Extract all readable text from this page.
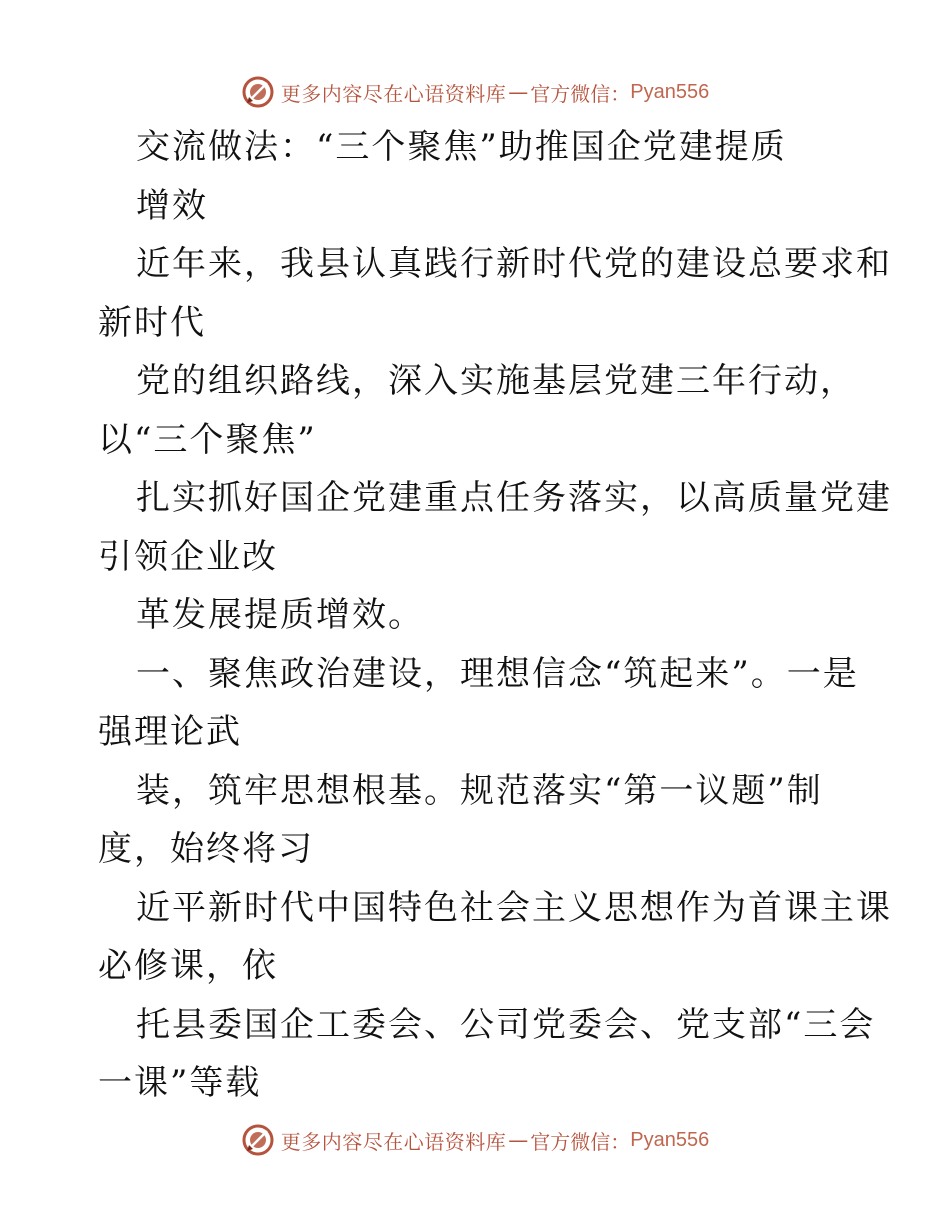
更多内容尽在心语资料库 — 官方微信： Pyan556
交流做法：“三个聚焦”助推国企党建提质
增效
近年来，我县认真践行新时代党的建设总要求和
新时代
党的组织路线，深入实施基层党建三年行动，
以“三个聚焦”
扎实抓好国企党建重点任务落实，以高质量党建
引领企业改
革发展提质增效。
一、聚焦政治建设，理想信念“筑起来”。一是
强理论武
装，筑牢思想根基。规范落实“第一议题”制
度，始终将习
近平新时代中国特色社会主义思想作为首课主课
必修课，依
托县委国企工委会、公司党委会、党支部“三会
一课”等载
更多内容尽在心语资料库 — 官方微信： Pyan556
